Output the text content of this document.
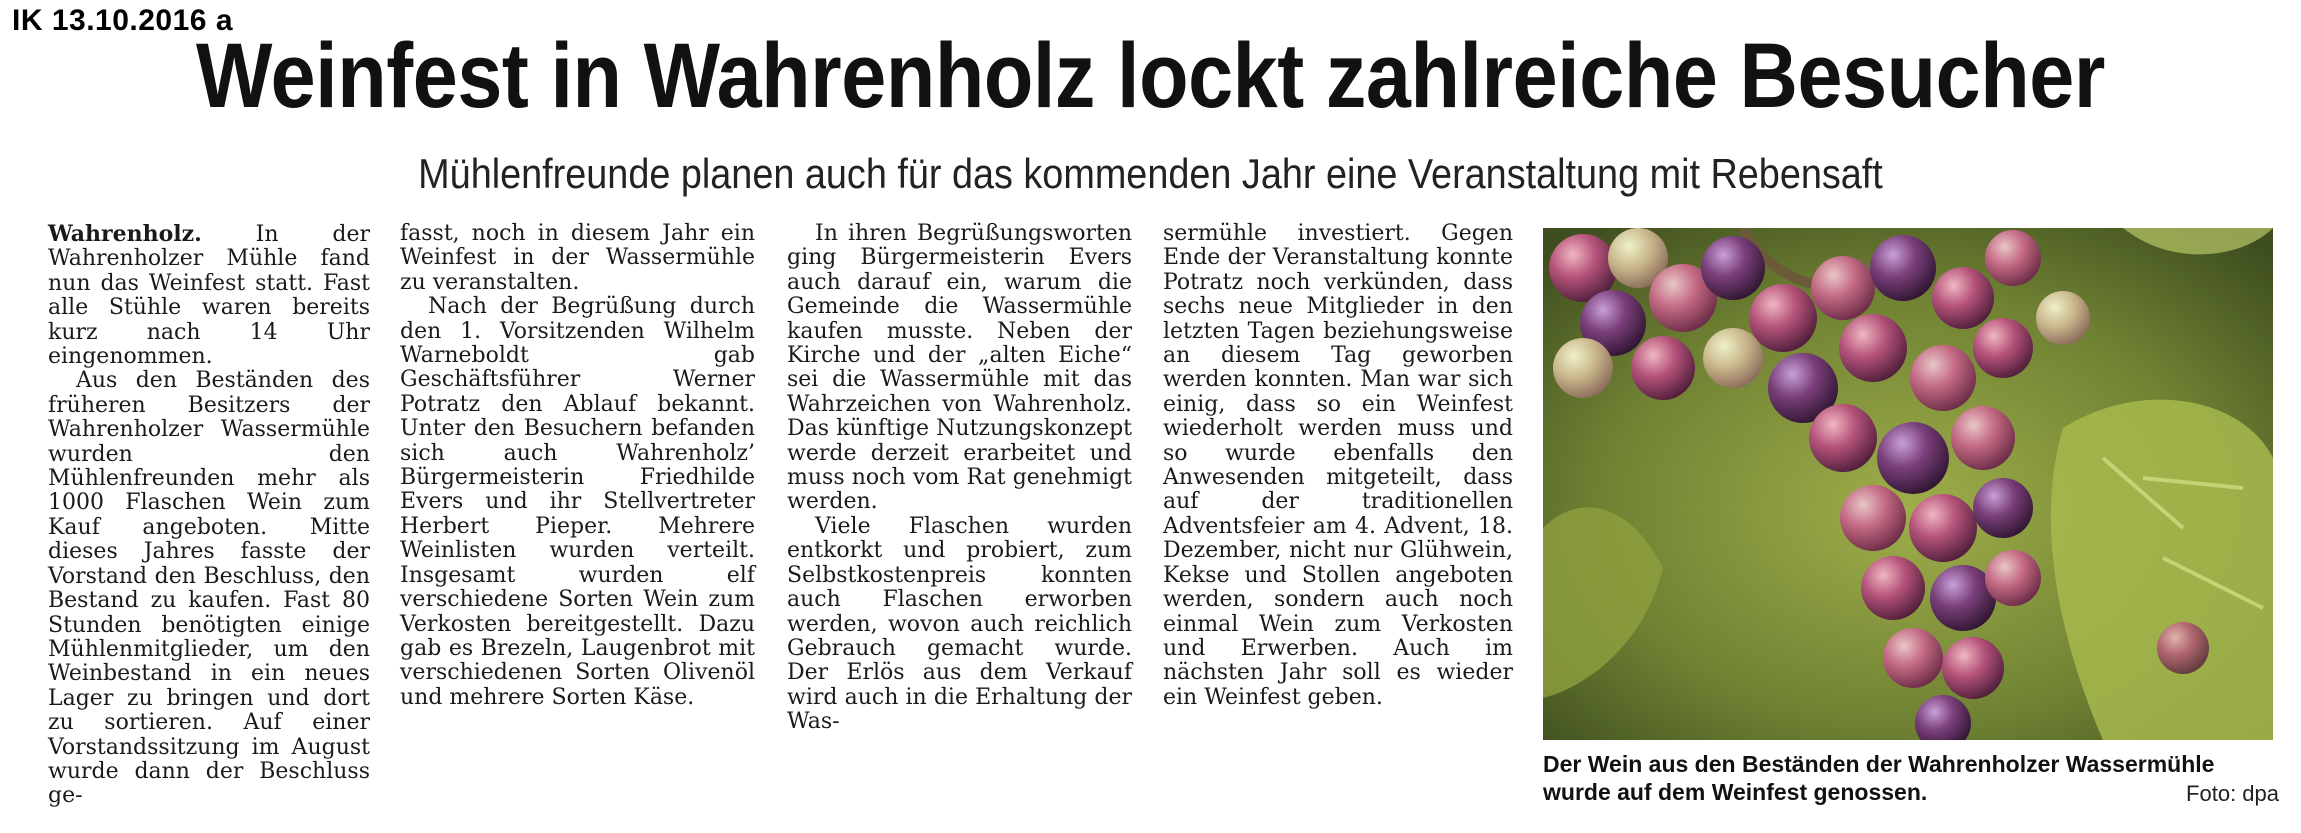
IK 13.10.2016 a
Weinfest in Wahrenholz lockt zahlreiche Besucher
Mühlenfreunde planen auch für das kommenden Jahr eine Veranstaltung mit Rebensaft

Wahrenholz. In der Wahrenholzer Mühle fand nun das Weinfest statt. Fast alle Stühle waren bereits kurz nach 14 Uhr eingenommen.

Aus den Beständen des früheren Besitzers der Wahrenholzer Wassermühle wurden den Mühlenfreunden mehr als 1000 Flaschen Wein zum Kauf angeboten. Mitte dieses Jahres fasste der Vorstand den Beschluss, den Bestand zu kaufen. Fast 80 Stunden benötigten einige Mühlenmitglieder, um den Weinbestand in ein neues Lager zu bringen und dort zu sortieren. Auf einer Vorstandssitzung im August wurde dann der Beschluss ge-

fasst, noch in diesem Jahr ein Weinfest in der Wassermühle zu veranstalten.

Nach der Begrüßung durch den 1. Vorsitzenden Wilhelm Warneboldt gab Geschäftsführer Werner Potratz den Ablauf bekannt. Unter den Besuchern befanden sich auch Wahrenholz’ Bürgermeisterin Friedhilde Evers und ihr Stellvertreter Herbert Pieper. Mehrere Weinlisten wurden verteilt. Insgesamt wurden elf verschiedene Sorten Wein zum Verkosten bereitgestellt. Dazu gab es Brezeln, Laugenbrot mit verschiedenen Sorten Olivenöl und mehrere Sorten Käse.

In ihren Begrüßungsworten ging Bürgermeisterin Evers auch darauf ein, warum die Gemeinde die Wassermühle kaufen musste. Neben der Kirche und der „alten Eiche“ sei die Wassermühle mit das Wahrzeichen von Wahrenholz. Das künftige Nutzungskonzept werde derzeit erarbeitet und muss noch vom Rat genehmigt werden.

Viele Flaschen wurden entkorkt und probiert, zum Selbstkostenpreis konnten auch Flaschen erworben werden, wovon auch reichlich Gebrauch gemacht wurde. Der Erlös aus dem Verkauf wird auch in die Erhaltung der Was-

sermühle investiert. Gegen Ende der Veranstaltung konnte Potratz noch verkünden, dass sechs neue Mitglieder in den letzten Tagen beziehungsweise an diesem Tag geworben werden konnten. Man war sich einig, dass so ein Weinfest wiederholt werden muss und so wurde ebenfalls den Anwesenden mitgeteilt, dass auf der traditionellen Adventsfeier am 4. Advent, 18. Dezember, nicht nur Glühwein, Kekse und Stollen angeboten werden, sondern auch noch einmal Wein zum Verkosten und Erwerben. Auch im nächsten Jahr soll es wieder ein Weinfest geben.

Der Wein aus den Beständen der Wahrenholzer Wassermühle wurde auf dem Weinfest genossen.	Foto: dpa
